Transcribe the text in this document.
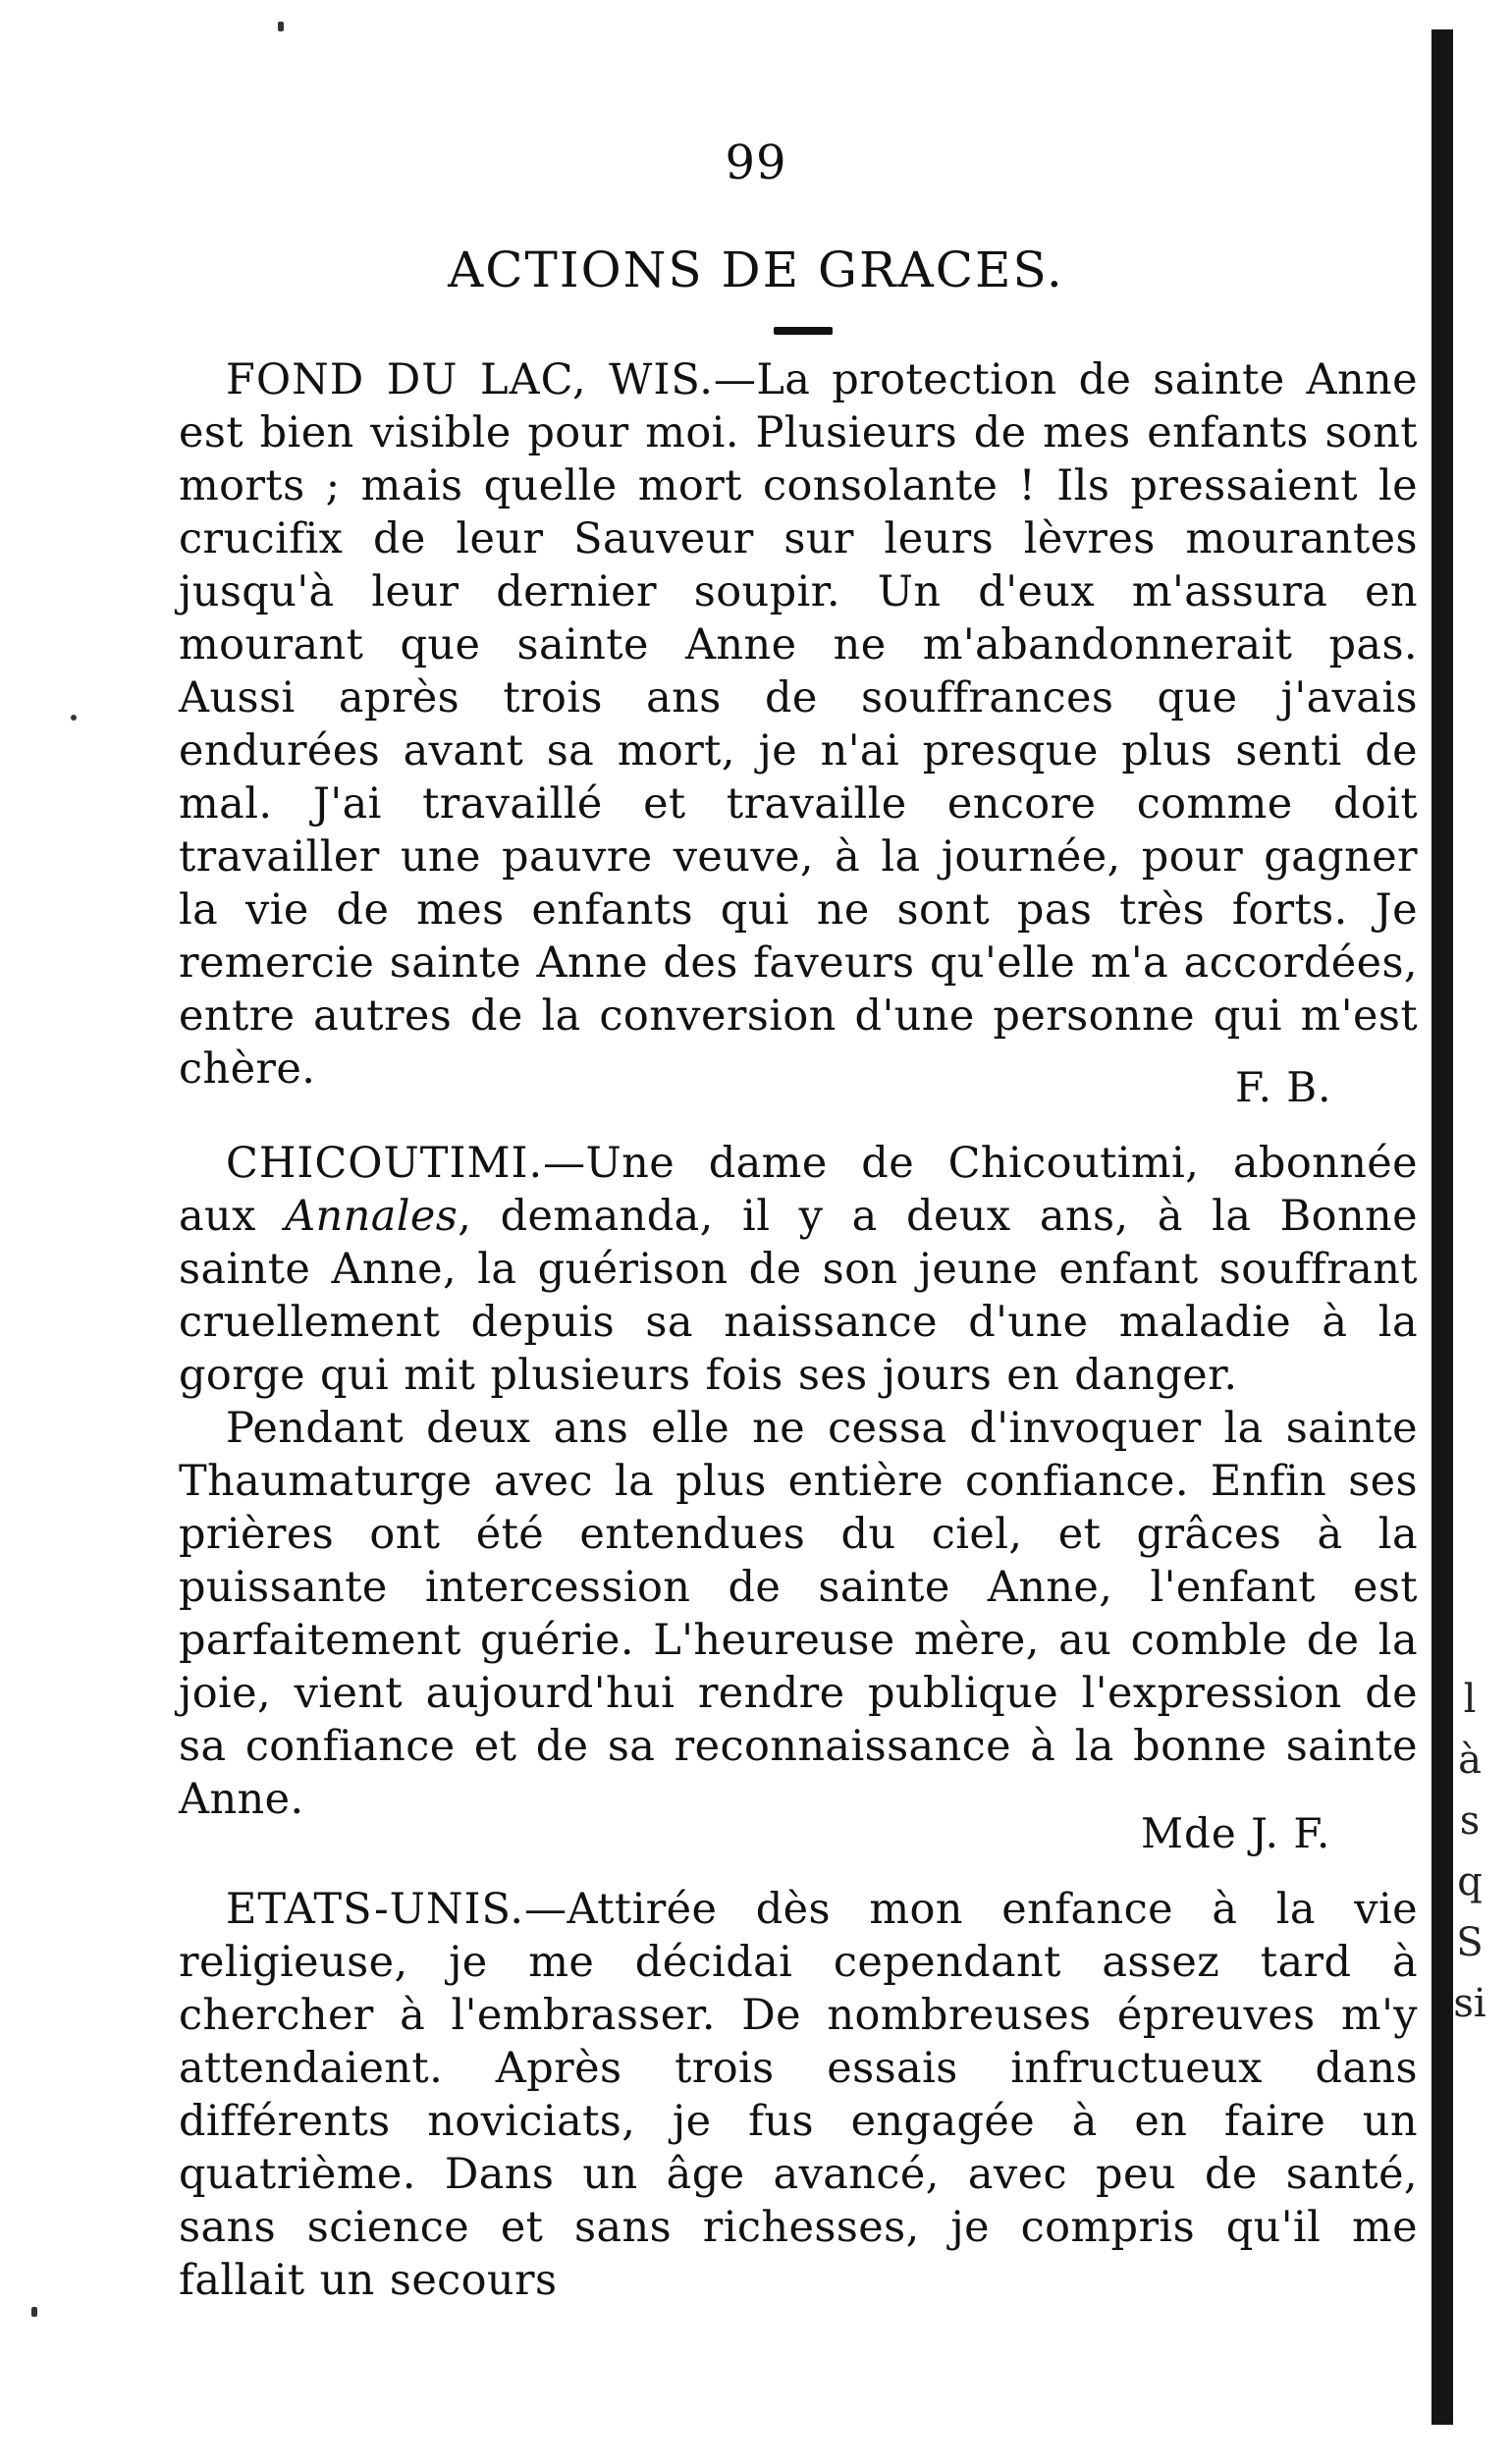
99
ACTIONS DE GRACES.

FOND DU LAC, WIS.—La protection de sainte Anne est bien visible pour moi. Plusieurs de mes enfants sont morts ; mais quelle mort consolante ! Ils pressaient le crucifix de leur Sauveur sur leurs lèvres mourantes jusqu'à leur dernier soupir. Un d'eux m'assura en mourant que sainte Anne ne m'abandonnerait pas. Aussi après trois ans de souffrances que j'avais endurées avant sa mort, je n'ai presque plus senti de mal. J'ai travaillé et travaille encore comme doit travailler une pauvre veuve, à la journée, pour gagner la vie de mes enfants qui ne sont pas très forts. Je remercie sainte Anne des faveurs qu'elle m'a accordées, entre autres de la conversion d'une personne qui m'est chère.	F. B.

CHICOUTIMI.—Une dame de Chicoutimi, abonnée aux Annales, demanda, il y a deux ans, à la Bonne sainte Anne, la guérison de son jeune enfant souffrant cruellement depuis sa naissance d'une maladie à la gorge qui mit plusieurs fois ses jours en danger.

Pendant deux ans elle ne cessa d'invoquer la sainte Thaumaturge avec la plus entière confiance. Enfin ses prières ont été entendues du ciel, et grâces à la puissante intercession de sainte Anne, l'enfant est parfaitement guérie. L'heureuse mère, au comble de la joie, vient aujourd'hui rendre publique l'expression de sa confiance et de sa reconnaissance à la bonne sainte Anne.

Mde J. F.

ETATS-UNIS.—Attirée dès mon enfance à la vie religieuse, je me décidai cependant assez tard à chercher à l'embrasser. De nombreuses épreuves m'y attendaient. Après trois essais infructueux dans différents noviciats, je fus engagée à en faire un quatrième. Dans un âge avancé, avec peu de santé, sans science et sans richesses, je compris qu'il me fallait un secours

l
à
s
q
S
si
